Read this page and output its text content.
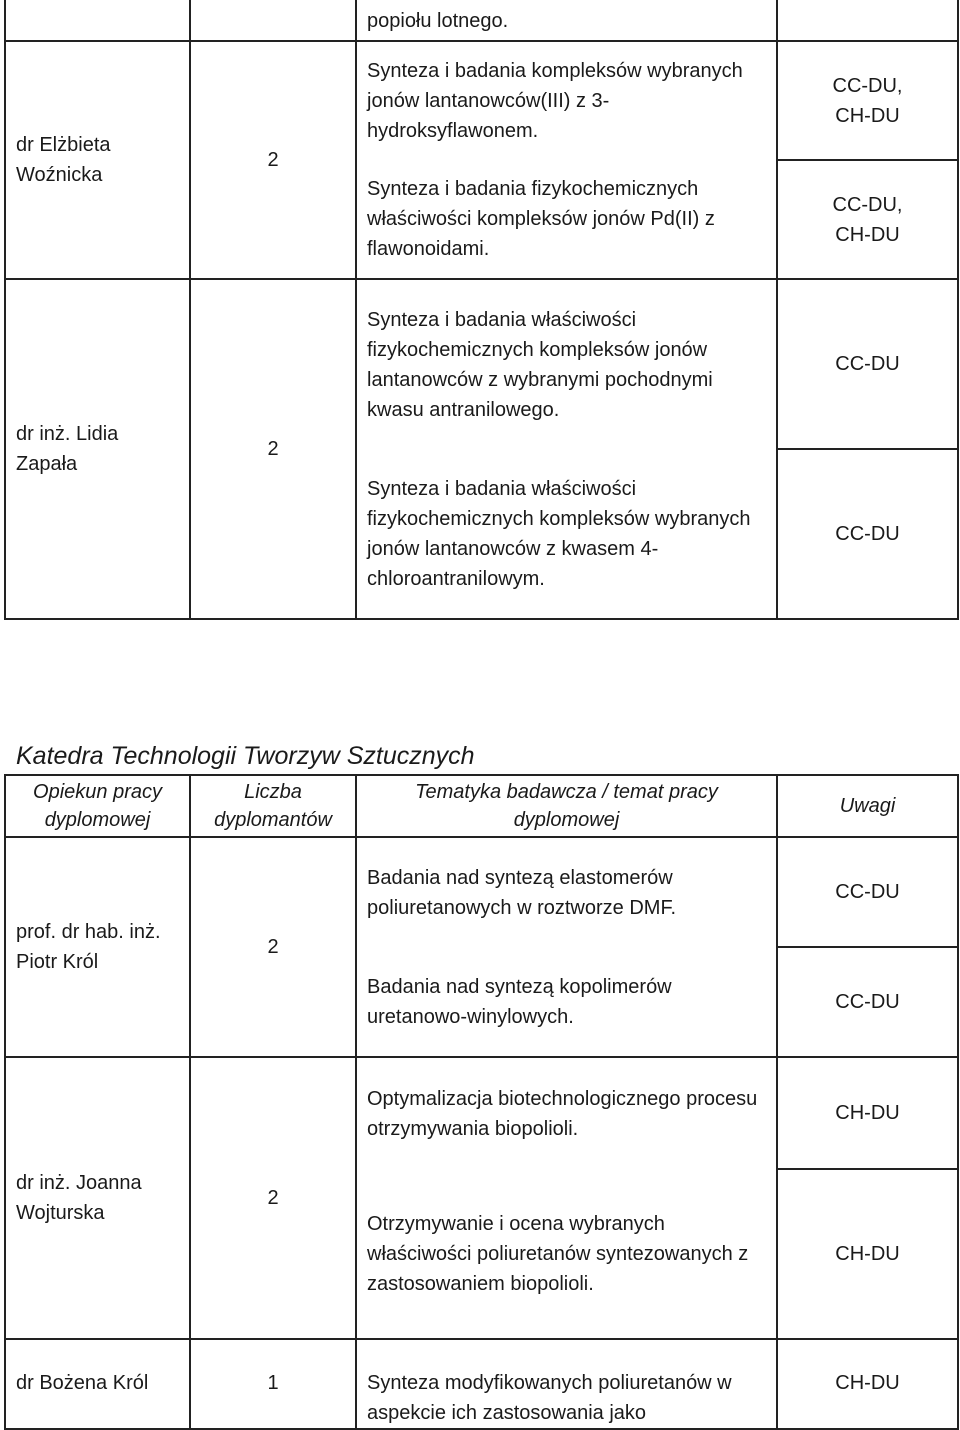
		popiołu lotnego.	
dr Elżbieta Woźnicka	2	Synteza i badania kompleksów wybranych jonów lantanowców(III) z 3-hydroksyflawonem.	CC-DU, CH-DU
		Synteza i badania fizykochemicznych właściwości kompleksów jonów Pd(II) z flawonoidami.	CC-DU, CH-DU
dr inż. Lidia Zapała	2	Synteza i badania właściwości fizykochemicznych kompleksów jonów lantanowców z wybranymi pochodnymi kwasu antranilowego.	CC-DU
		Synteza i badania właściwości fizykochemicznych kompleksów wybranych jonów lantanowców z kwasem 4-chloroantranilowym.	CC-DU
Katedra Technologii Tworzyw Sztucznych
Opiekun pracy dyplomowej	Liczba dyplomantów	Tematyka badawcza / temat pracy dyplomowej	Uwagi
prof. dr hab. inż. Piotr Król	2	Badania nad syntezą elastomerów poliuretanowych w roztworze DMF.	CC-DU
		Badania nad syntezą kopolimerów uretanowo-winylowych.	CC-DU
dr inż. Joanna Wojturska	2	Optymalizacja biotechnologicznego procesu otrzymywania biopolioli.	CH-DU
		Otrzymywanie i ocena wybranych właściwości poliuretanów syntezowanych z zastosowaniem biopolioli.	CH-DU
dr Bożena Król	1	Synteza modyfikowanych poliuretanów w aspekcie ich zastosowania jako	CH-DU
